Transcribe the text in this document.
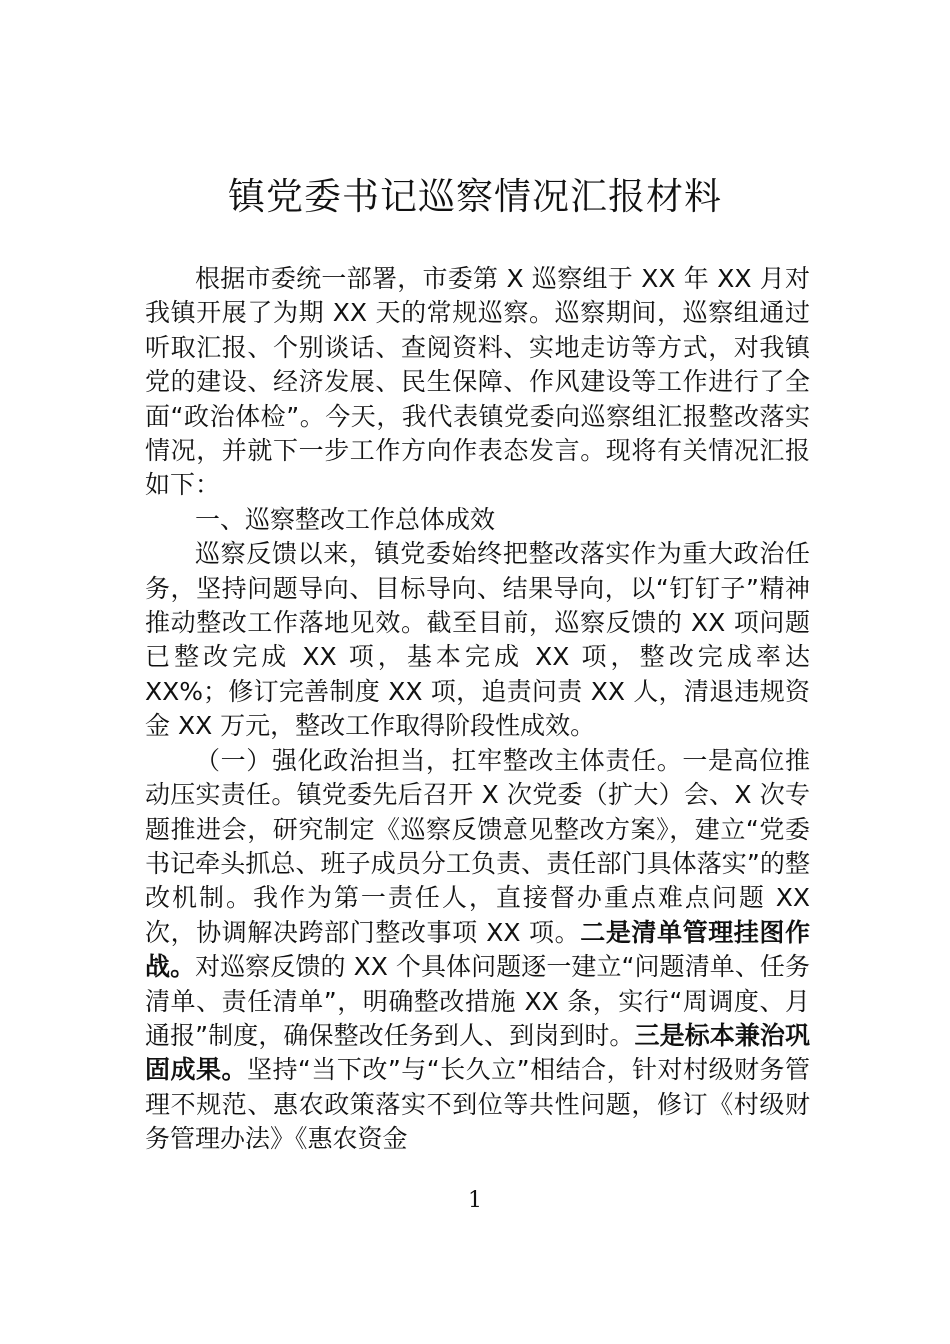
镇党委书记巡察情况汇报材料

根据市委统一部署，市委第 X 巡察组于 XX 年 XX 月对我镇开展了为期 XX 天的常规巡察。巡察期间，巡察组通过听取汇报、个别谈话、查阅资料、实地走访等方式，对我镇党的建设、经济发展、民生保障、作风建设等工作进行了全面“政治体检”。今天，我代表镇党委向巡察组汇报整改落实情况，并就下一步工作方向作表态发言。现将有关情况汇报如下：

一、巡察整改工作总体成效

巡察反馈以来，镇党委始终把整改落实作为重大政治任务，坚持问题导向、目标导向、结果导向，以“钉钉子”精神推动整改工作落地见效。截至目前，巡察反馈的 XX 项问题已整改完成 XX 项，基本完成 XX 项，整改完成率达 XX%；修订完善制度 XX 项，追责问责 XX 人，清退违规资金 XX 万元，整改工作取得阶段性成效。

（一）强化政治担当，扛牢整改主体责任。一是高位推动压实责任。镇党委先后召开 X 次党委（扩大）会、X 次专题推进会，研究制定《巡察反馈意见整改方案》，建立“党委书记牵头抓总、班子成员分工负责、责任部门具体落实”的整改机制。我作为第一责任人，直接督办重点难点问题 XX 次，协调解决跨部门整改事项 XX 项。二是清单管理挂图作战。对巡察反馈的 XX 个具体问题逐一建立“问题清单、任务清单、责任清单”，明确整改措施 XX 条，实行“周调度、月通报”制度，确保整改任务到人、到岗到时。三是标本兼治巩固成果。坚持“当下改”与“长久立”相结合，针对村级财务管理不规范、惠农政策落实不到位等共性问题，修订《村级财务管理办法》《惠农资金

1
